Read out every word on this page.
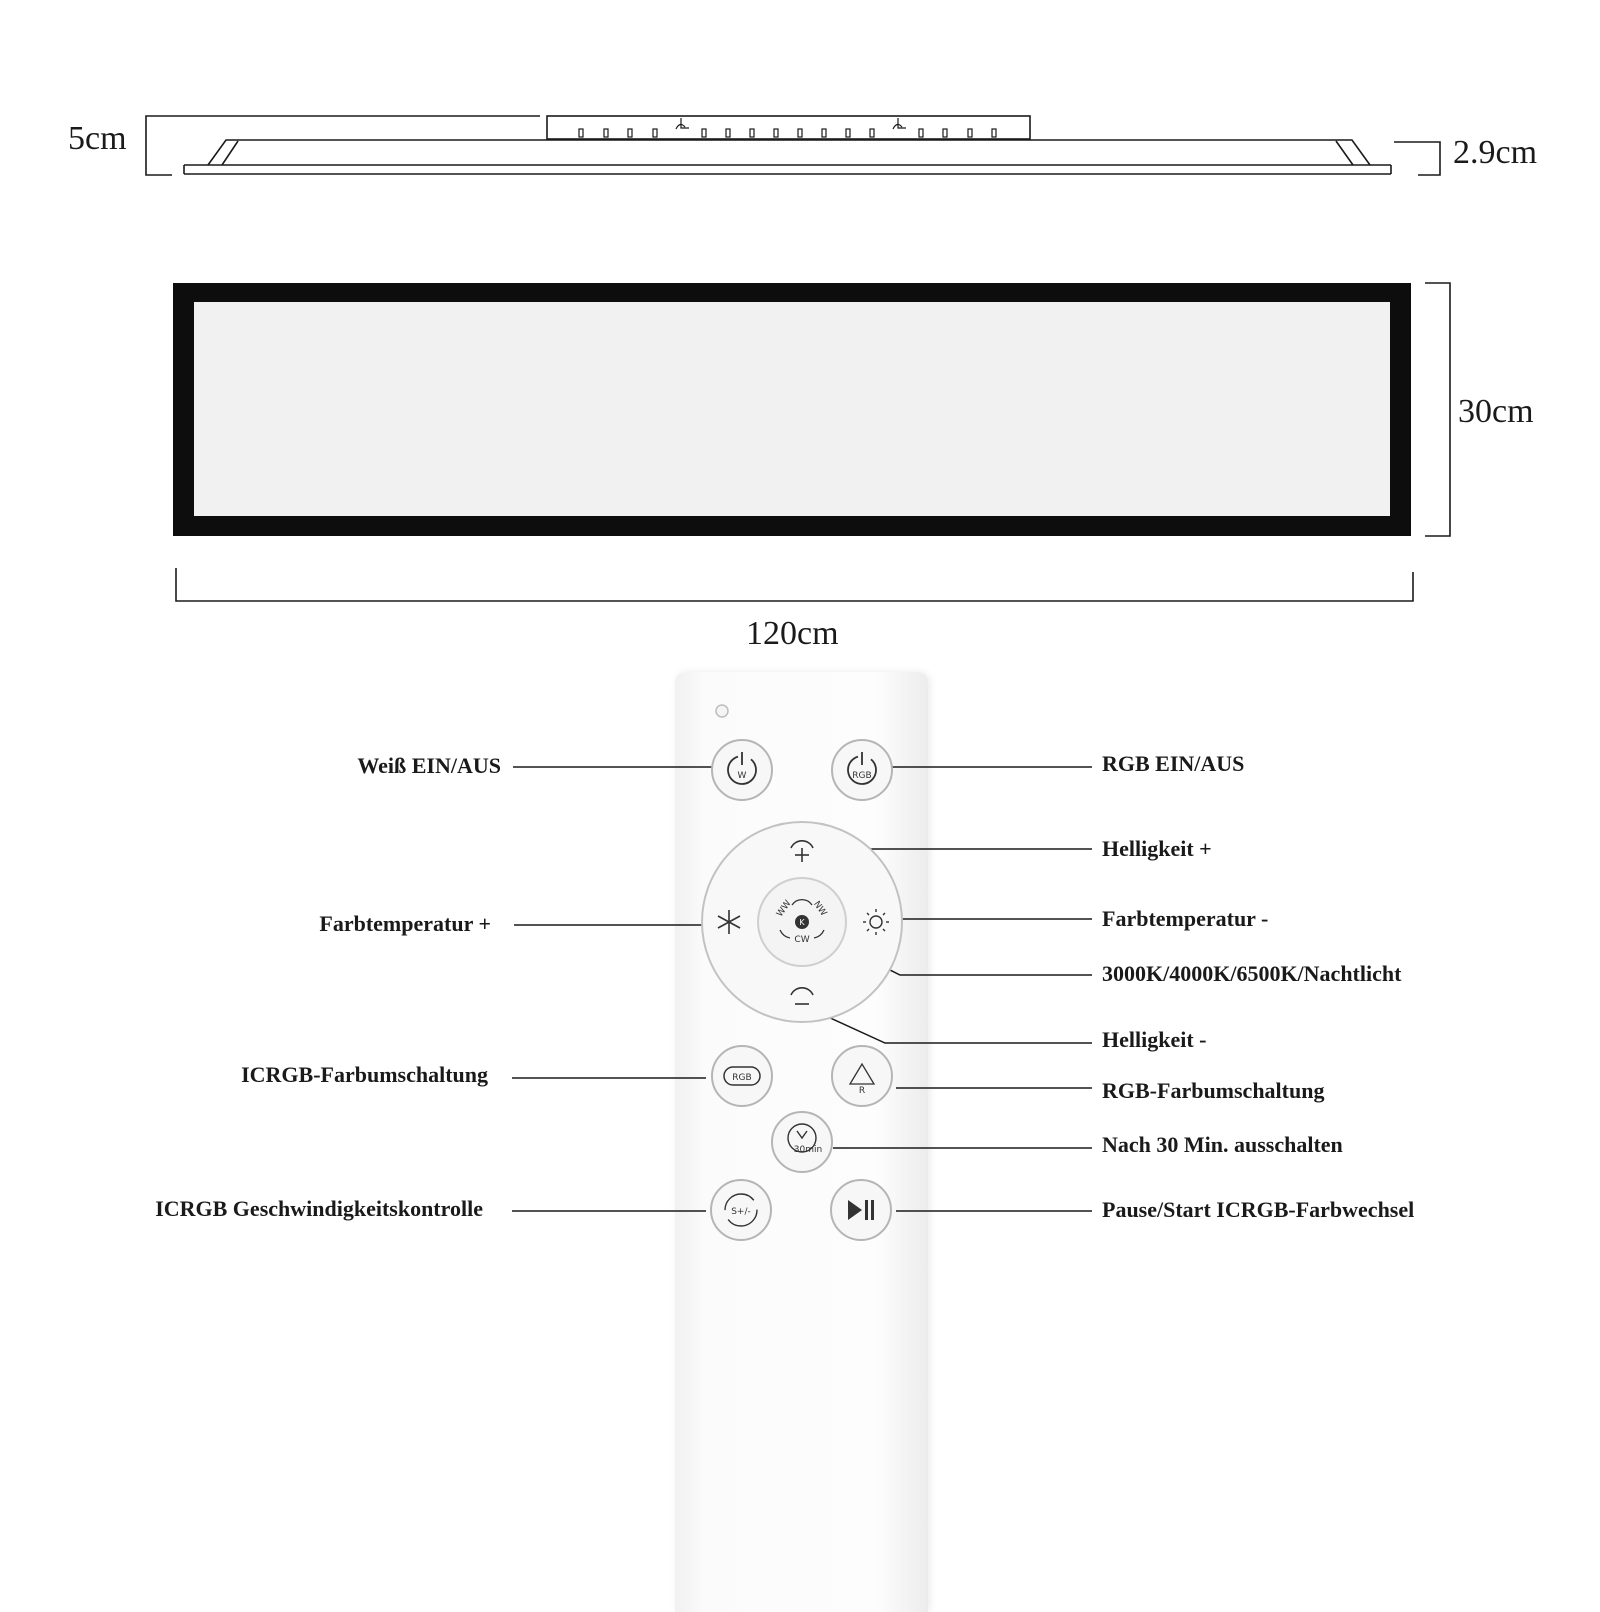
5cm	2.9cm
30cm
120cm
W	RGB
K
WW NW
CW
RGB
R
30min
S+/-
Weiß EIN/AUS	RGB EIN/AUS
Helligkeit +
Farbtemperatur +	Farbtemperatur -
3000K/4000K/6500K/Nachtlicht
Helligkeit -
ICRGB-Farbumschaltung
RGB-Farbumschaltung
Nach 30 Min. ausschalten
ICRGB Geschwindigkeitskontrolle	Pause/Start ICRGB-Farbwechsel
